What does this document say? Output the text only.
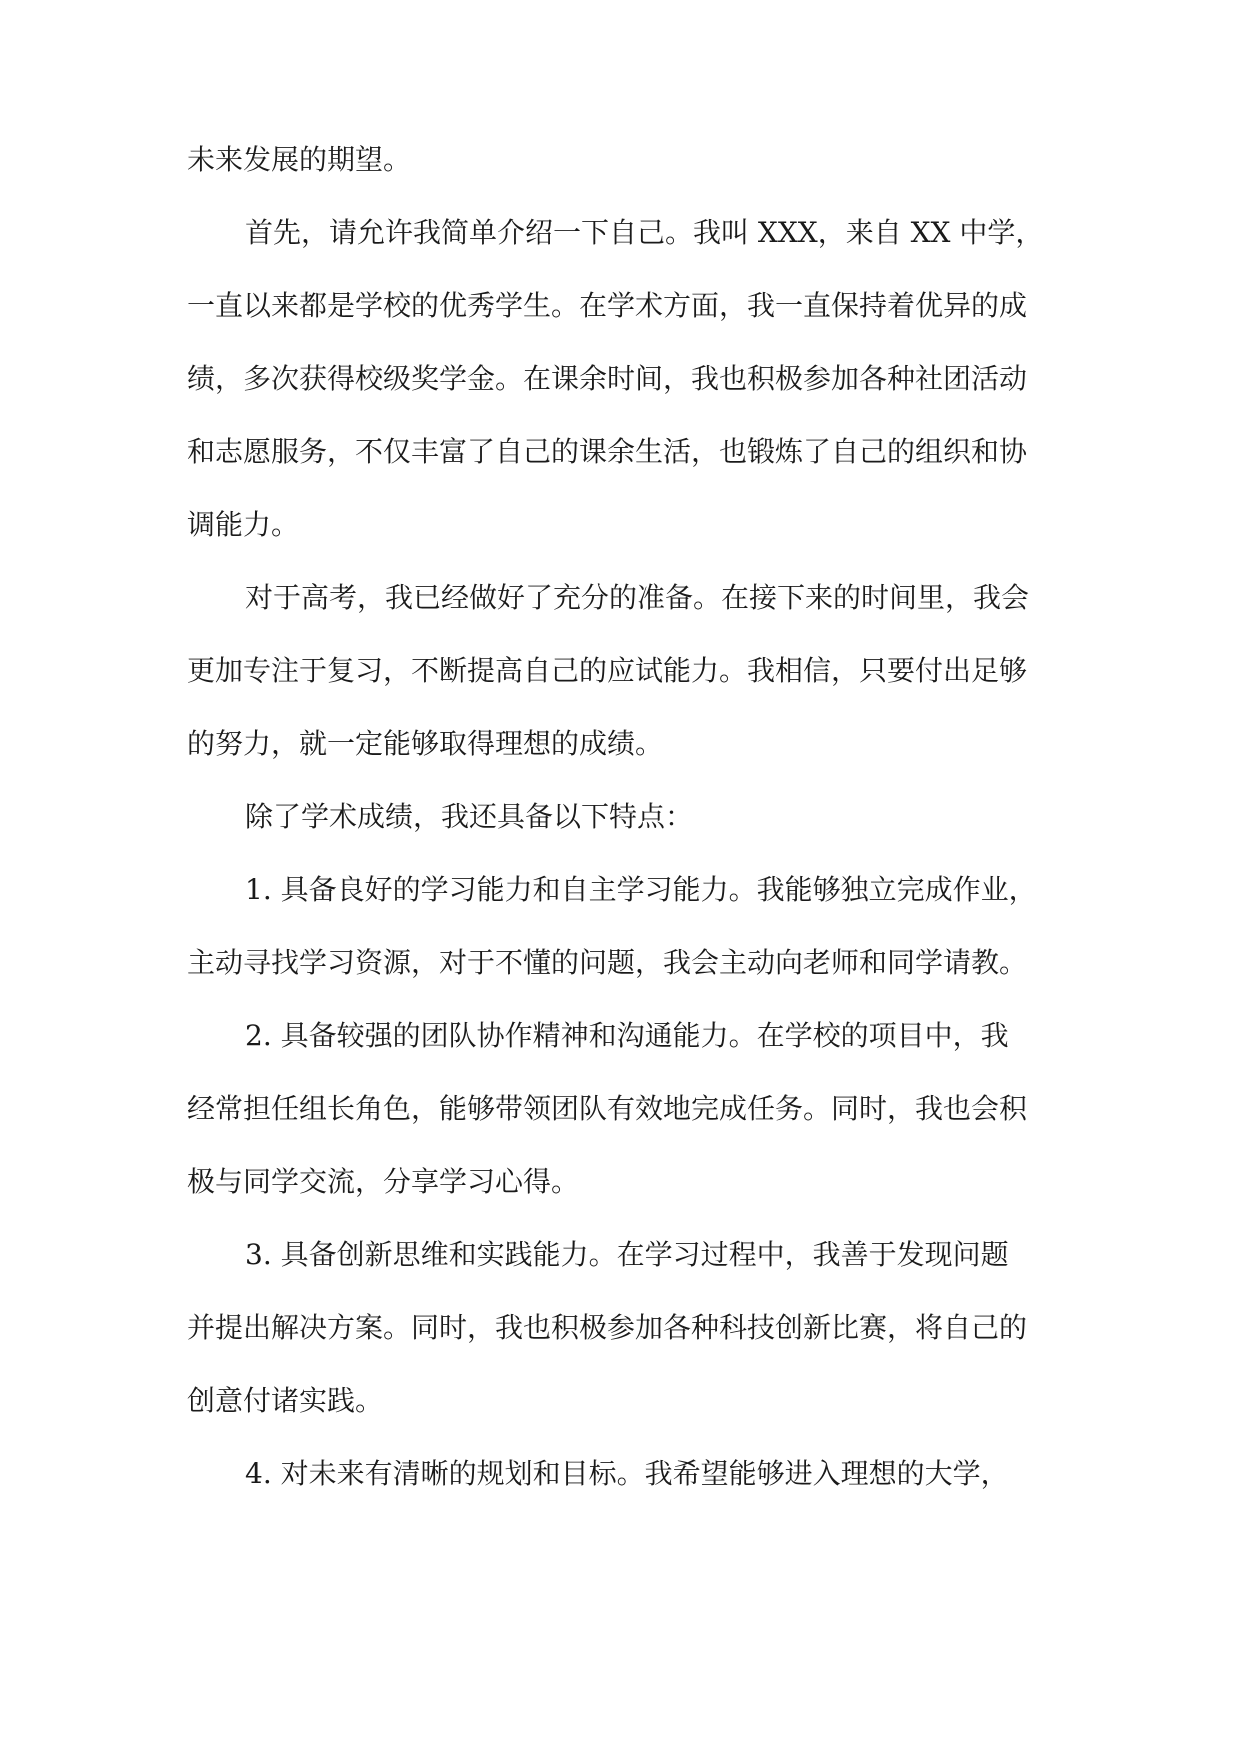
未来发展的期望。

首先，请允许我简单介绍一下自己。我叫 XXX，来自 XX 中学，

一直以来都是学校的优秀学生。在学术方面，我一直保持着优异的成

绩，多次获得校级奖学金。在课余时间，我也积极参加各种社团活动

和志愿服务，不仅丰富了自己的课余生活，也锻炼了自己的组织和协

调能力。

对于高考，我已经做好了充分的准备。在接下来的时间里，我会

更加专注于复习，不断提高自己的应试能力。我相信，只要付出足够

的努力，就一定能够取得理想的成绩。

除了学术成绩，我还具备以下特点：

1. 具备良好的学习能力和自主学习能力。我能够独立完成作业，

主动寻找学习资源，对于不懂的问题，我会主动向老师和同学请教。

2. 具备较强的团队协作精神和沟通能力。在学校的项目中，我

经常担任组长角色，能够带领团队有效地完成任务。同时，我也会积

极与同学交流，分享学习心得。

3. 具备创新思维和实践能力。在学习过程中，我善于发现问题

并提出解决方案。同时，我也积极参加各种科技创新比赛，将自己的

创意付诸实践。

4. 对未来有清晰的规划和目标。我希望能够进入理想的大学，
